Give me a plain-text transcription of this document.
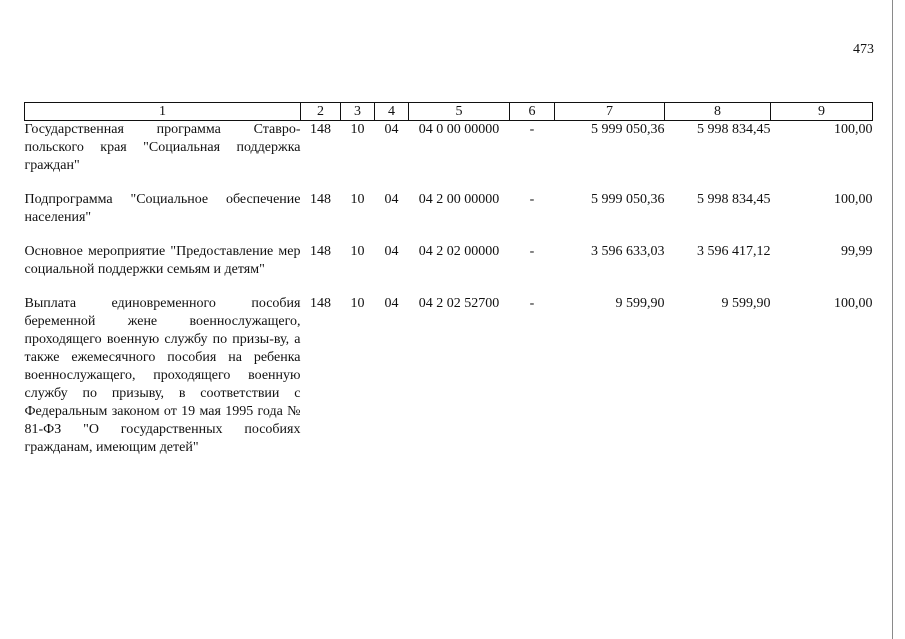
473
1	2	3	4	5	6	7	8	9
Государственная программа Ставро-польского края "Социальная поддержка граждан"	148	10	04	04 0 00 00000	-	5 999 050,36	5 998 834,45	100,00

Подпрограмма "Социальное обеспечение населения"	148	10	04	04 2 00 00000	-	5 999 050,36	5 998 834,45	100,00

Основное мероприятие "Предоставление мер социальной поддержки семьям и детям"	148	10	04	04 2 02 00000	-	3 596 633,03	3 596 417,12	99,99

Выплата единовременного пособия беременной жене военнослужащего, проходящего военную службу по призы-ву, а также ежемесячного пособия на ребенка военнослужащего, проходящего военную службу по призыву, в соответствии с Федеральным законом от 19 мая 1995 года № 81-ФЗ "О государственных пособиях гражданам, имеющим детей"	148	10	04	04 2 02 52700	-	9 599,90	9 599,90	100,00
